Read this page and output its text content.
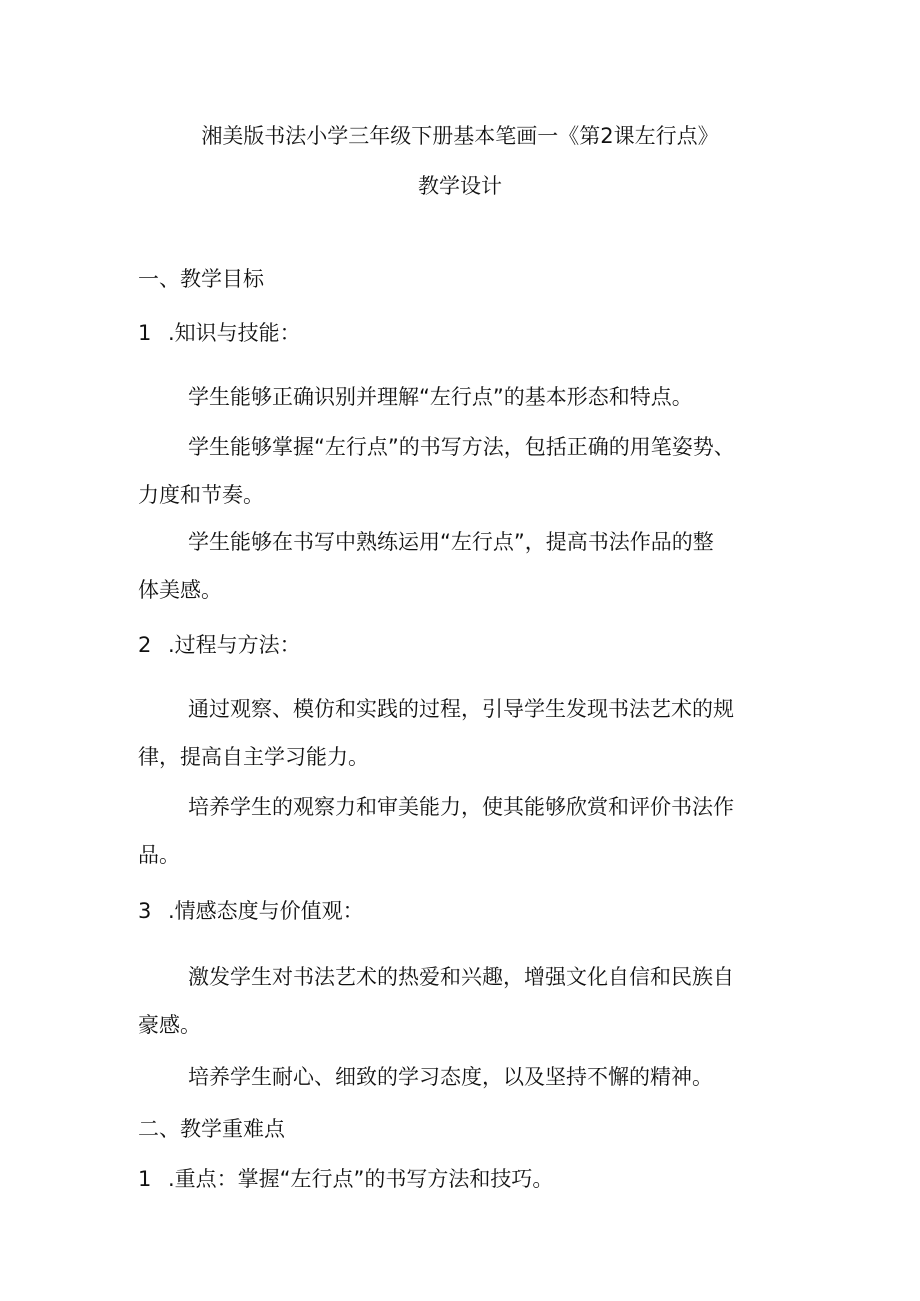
湘美版书法小学三年级下册基本笔画一《第2课左行点》
教学设计
一、教学目标
1 .知识与技能：
学生能够正确识别并理解“左行点”的基本形态和特点。
学生能够掌握“左行点”的书写方法，包括正确的用笔姿势、
力度和节奏。
学生能够在书写中熟练运用“左行点”，提高书法作品的整
体美感。
2 .过程与方法：
通过观察、模仿和实践的过程，引导学生发现书法艺术的规
律，提高自主学习能力。
培养学生的观察力和审美能力，使其能够欣赏和评价书法作
品。
3 .情感态度与价值观：
激发学生对书法艺术的热爱和兴趣，增强文化自信和民族自
豪感。
培养学生耐心、细致的学习态度，以及坚持不懈的精神。
二、教学重难点
1 .重点：掌握“左行点”的书写方法和技巧。
